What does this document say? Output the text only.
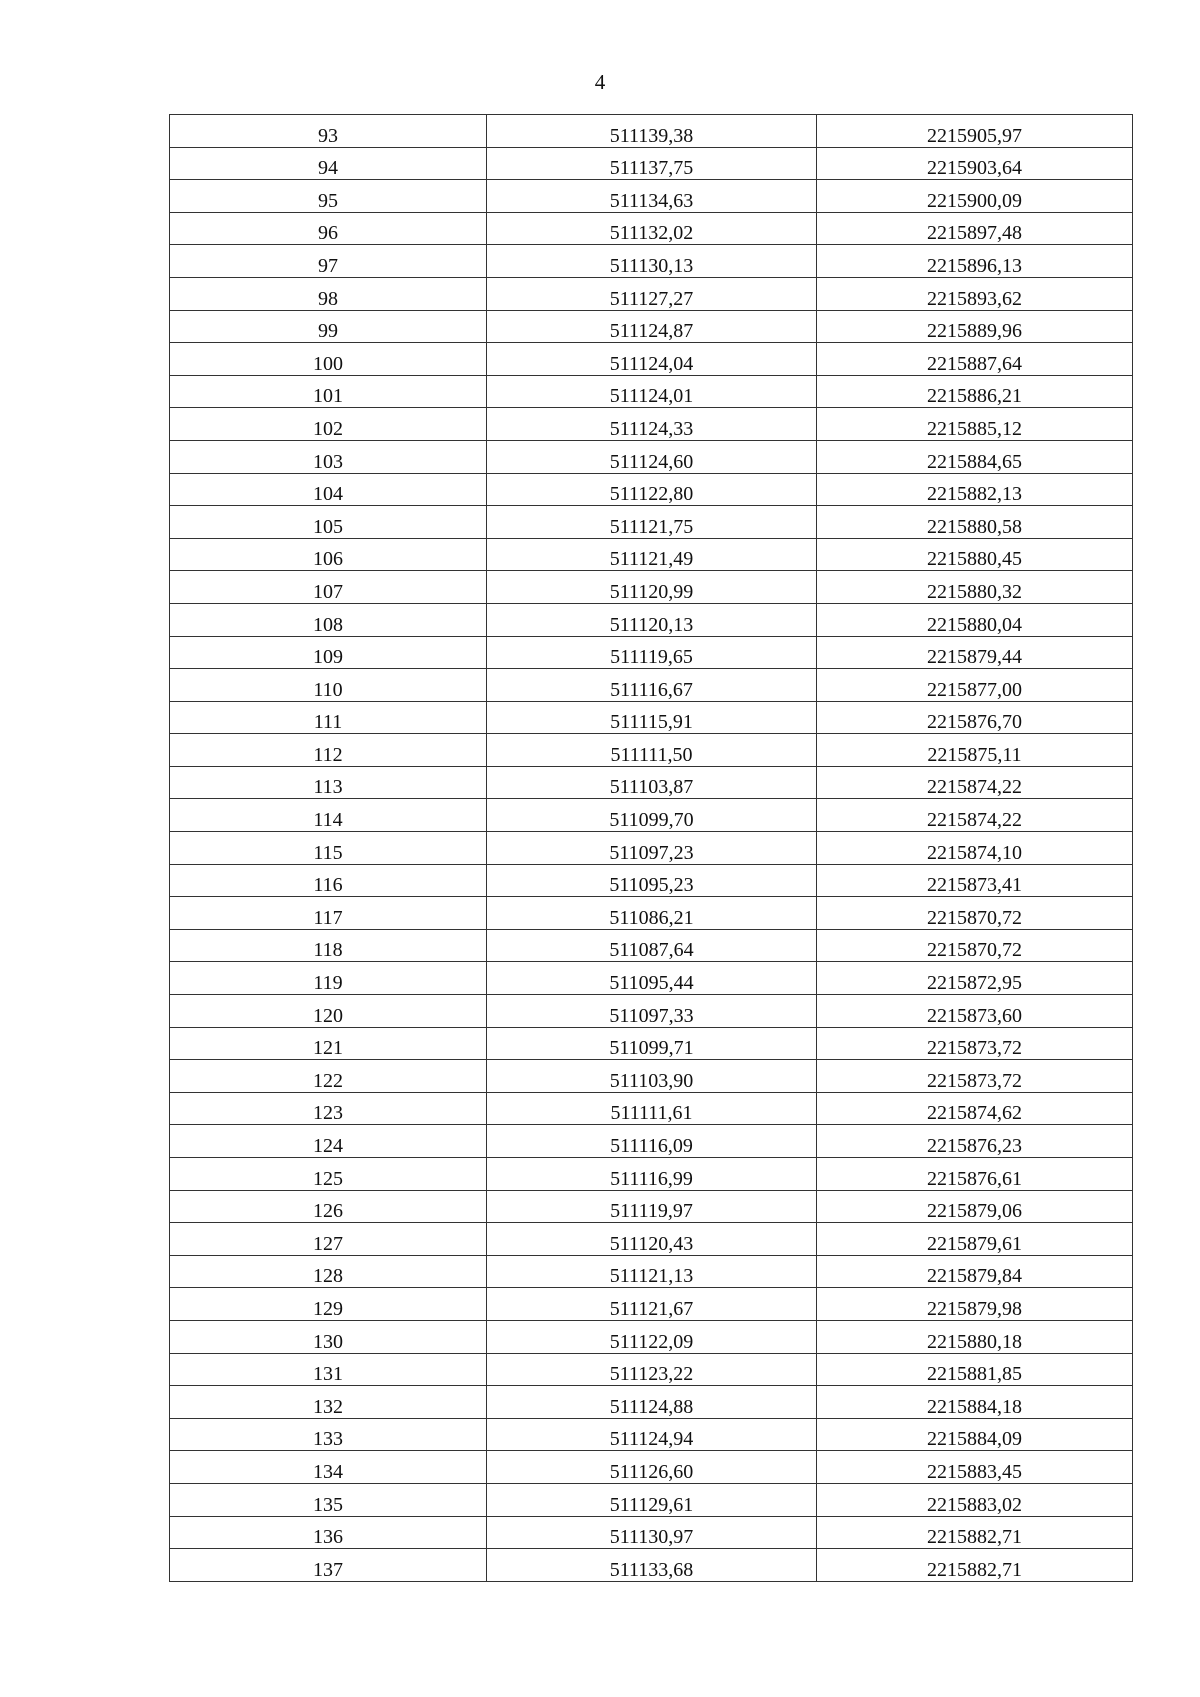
4
93	511139,38	2215905,97
94	511137,75	2215903,64
95	511134,63	2215900,09
96	511132,02	2215897,48
97	511130,13	2215896,13
98	511127,27	2215893,62
99	511124,87	2215889,96
100	511124,04	2215887,64
101	511124,01	2215886,21
102	511124,33	2215885,12
103	511124,60	2215884,65
104	511122,80	2215882,13
105	511121,75	2215880,58
106	511121,49	2215880,45
107	511120,99	2215880,32
108	511120,13	2215880,04
109	511119,65	2215879,44
110	511116,67	2215877,00
111	511115,91	2215876,70
112	511111,50	2215875,11
113	511103,87	2215874,22
114	511099,70	2215874,22
115	511097,23	2215874,10
116	511095,23	2215873,41
117	511086,21	2215870,72
118	511087,64	2215870,72
119	511095,44	2215872,95
120	511097,33	2215873,60
121	511099,71	2215873,72
122	511103,90	2215873,72
123	511111,61	2215874,62
124	511116,09	2215876,23
125	511116,99	2215876,61
126	511119,97	2215879,06
127	511120,43	2215879,61
128	511121,13	2215879,84
129	511121,67	2215879,98
130	511122,09	2215880,18
131	511123,22	2215881,85
132	511124,88	2215884,18
133	511124,94	2215884,09
134	511126,60	2215883,45
135	511129,61	2215883,02
136	511130,97	2215882,71
137	511133,68	2215882,71
